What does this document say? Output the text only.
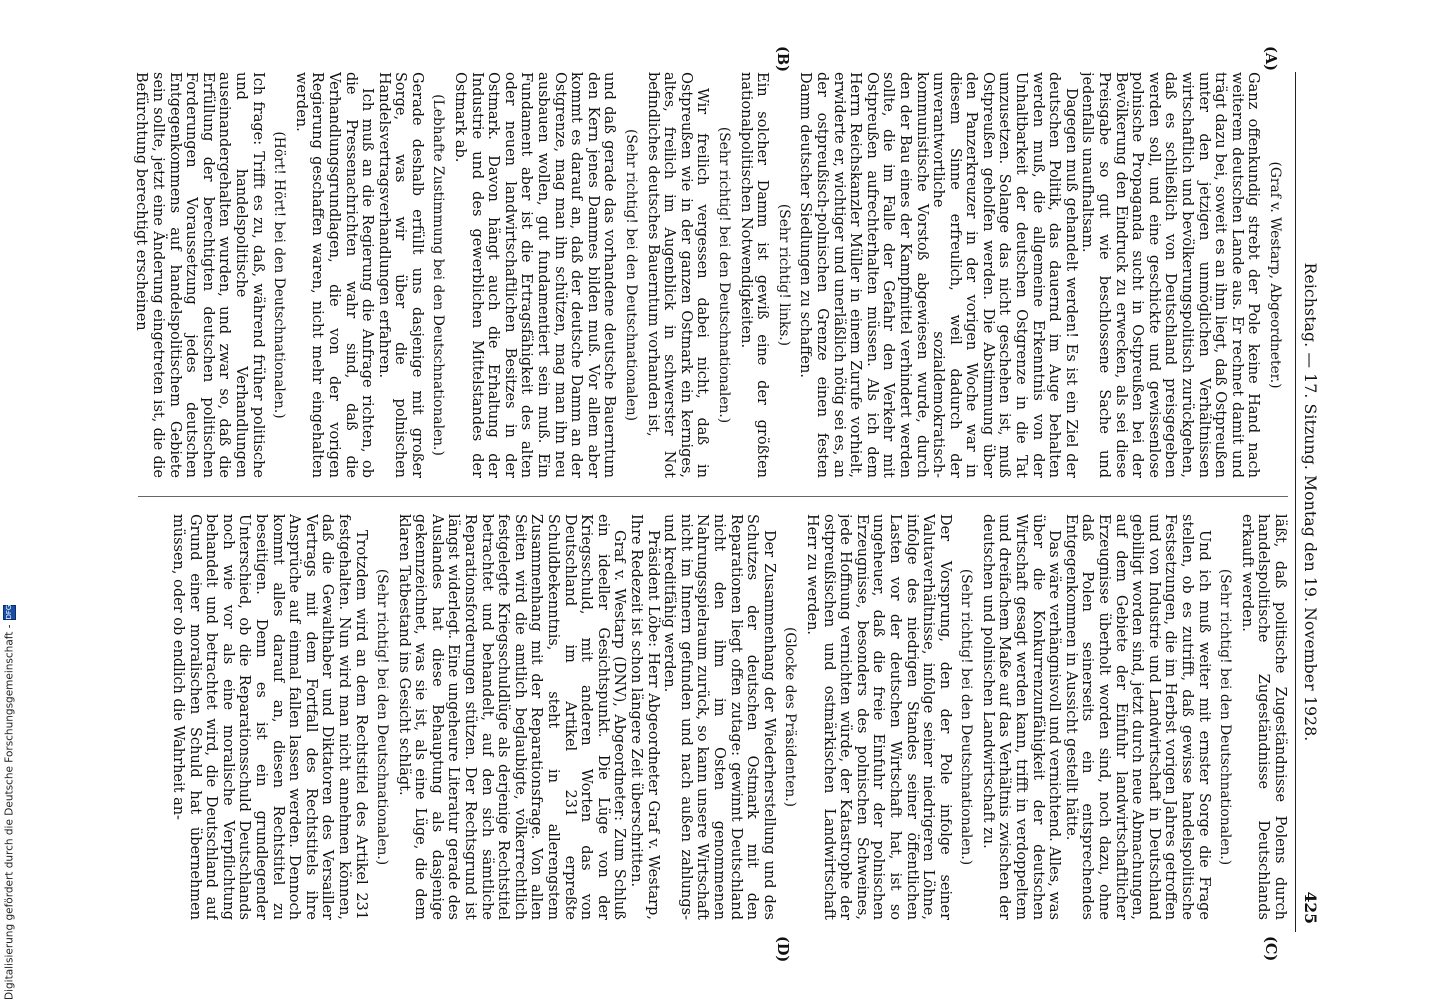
Reichstag. — 17. Sitzung. Montag den 19. November 1928.
425

(Graf v. Westarp, Abgeordneter.)

Ganz offenkundig strebt der Pole keine Hand nach weiterem deutschen Lande aus. Er rechnet damit und trägt dazu bei, soweit es an ihm liegt, daß Ostpreußen unter den jetzigen unmöglichen Verhältnissen wirtschaftlich und bevölkerungspolitisch zurückgehen, daß es schließlich von Deutschland preisgegeben werden soll, und eine geschickte und gewissenlose polnische Propaganda sucht in Ostpreußen bei der Bevölkerung den Eindruck zu erwecken, als sei diese Preisgabe so gut wie beschlossene Sache und jedenfalls unaufhaltsam.

Dagegen muß gehandelt werden! Es ist ein Ziel der deutschen Politik, das dauernd im Auge behalten werden muß, die allgemeine Erkenntnis von der Unhaltbarkeit der deutschen Ostgrenze in die Tat umzusetzen. Solange das nicht geschehen ist, muß Ostpreußen geholfen werden. Die Abstimmung über den Panzerkreuzer in der vorigen Woche war in diesem Sinne erfreulich, weil dadurch der unverantwortliche sozialdemokratisch-kommunistische Vorstoß abgewiesen wurde, durch den der Bau eines der Kampfmittel verhindert werden sollte, die im Falle der Gefahr den Verkehr mit Ostpreußen aufrechterhalten müssen. Als ich dem Herrn Reichskanzler Müller in einem Zurufe vorhielt, erwiderte er, wichtiger und unerläßlich nötig sei es, an der ostpreußisch-polnischen Grenze einen festen Damm deutscher Siedlungen zu schaffen.

(Sehr richtig! links.)

Ein solcher Damm ist gewiß eine der größten nationalpolitischen Notwendigkeiten.

(Sehr richtig! bei den Deutschnationalen.)

Wir freilich vergessen dabei nicht, daß in Ostpreußen wie in der ganzen Ostmark ein kerniges, altes, freilich im Augenblick in schwerster Not befindliches deutsches Bauerntum vorhanden ist,

(Sehr richtig! bei den Deutschnationalen)

und daß gerade das vorhandene deutsche Bauerntum den Kern jenes Dammes bilden muß. Vor allem aber kommt es darauf an, daß der deutsche Damm an der Ostgrenze, mag man ihn schützen, mag man ihn neu ausbauen wollen, gut fundamentiert sein muß. Ein Fundament aber ist die Ertragsfähigkeit des alten oder neuen landwirtschaftlichen Besitzes in der Ostmark. Davon hängt auch die Erhaltung der Industrie und des gewerblichen Mittelstandes der Ostmark ab.

(Lebhafte Zustimmung bei den Deutschnationalen.)

Gerade deshalb erfüllt uns dasjenige mit großer Sorge, was wir über die polnischen Handelsvertragsverhandlungen erfahren.

Ich muß an die Regierung die Anfrage richten, ob die Pressenachrichten wahr sind, daß die Verhandlungsgrundlagen, die von der vorigen Regierung geschaffen waren, nicht mehr eingehalten werden.

(Hört! Hört! bei den Deutschnationalen.)

Ich frage: Trifft es zu, daß, während früher politische und handelspolitische Verhandlungen auseinandergehalten wurden, und zwar so, daß die Erfüllung der berechtigten deutschen politischen Forderungen Voraussetzung jedes deutschen Entgegenkommens auf handelspolitischem Gebiete sein sollte, jetzt eine Änderung eingetreten ist, die die Befürchtung berechtigt erscheinen

läßt, daß politische Zugeständnisse Polens durch handelspolitische Zugeständnisse Deutschlands erkauft werden.

(Sehr richtig! bei den Deutschnationalen.)

Und ich muß weiter mit ernster Sorge die Frage stellen, ob es zutrifft, daß gewisse handelspolitische Festsetzungen, die im Herbst vorigen Jahres getroffen und von Industrie und Landwirtschaft in Deutschland gebilligt worden sind, jetzt durch neue Abmachungen, auf dem Gebiete der Einfuhr landwirtschaftlicher Erzeugnisse überholt worden sind, noch dazu, ohne daß Polen seinerseits ein entsprechendes Entgegenkommen in Aussicht gestellt hätte.

Das wäre verhängnisvoll und vernichtend. Alles, was über die Konkurrenzunfähigkeit der deutschen Wirtschaft gesagt werden kann, trifft in verdoppeltem und dreifachem Maße auf das Verhältnis zwischen der deutschen und polnischen Landwirtschaft zu.

(Sehr richtig! bei den Deutschnationalen.)

Der Vorsprung, den der Pole infolge seiner Valutaverhältnisse, infolge seiner niedrigeren Löhne, infolge des niedrigen Standes seiner öffentlichen Lasten vor der deutschen Wirtschaft hat, ist so ungeheuer, daß die freie Einfuhr der polnischen Erzeugnisse, besonders des polnischen Schweines, jede Hoffnung vernichten würde, der Katastrophe der ostpreußischen und ostmärkischen Landwirtschaft Herr zu werden.

(Glocke des Präsidenten.)

Der Zusammenhang der Wiederherstellung und des Schutzes der deutschen Ostmark mit den Reparationen liegt offen zutage: gewinnt Deutschland nicht den ihm im Osten genommenen Nahrungsspielraum zurück, so kann unsere Wirtschaft nicht im Innern gefunden und nach außen zahlungs- und kreditfähig werden.

Präsident Löbe: Herr Abgeordneter Graf v. Westarp, Ihre Redezeit ist schon längere Zeit überschritten.

Graf v. Westarp (DNV), Abgeordneter: Zum Schluß ein ideeller Gesichtspunkt. Die Lüge von der Kriegsschuld, mit anderen Worten das von Deutschland im Artikel 231 erpreßte Schuldbekenntnis, steht in allerengstem Zusammenhang mit der Reparationsfrage. Von allen Seiten wird die amtlich beglaubigte, völkerrechtlich festgelegte Kriegsschuldlüge als derjenige Rechtstitel betrachtet und behandelt, auf den sich sämtliche Reparationsforderungen stützen. Der Rechtsgrund ist längst widerlegt. Eine ungeheure Literatur gerade des Auslandes hat diese Behauptung als dasjenige gekennzeichnet, was sie ist, als eine Lüge, die dem klaren Tatbestand ins Gesicht schlägt.

(Sehr richtig! bei den Deutschnationalen.)

Trotzdem wird an dem Rechtstitel des Artikel 231 festgehalten. Nun wird man nicht annehmen können, daß die Gewalthaber und Diktatoren des Versailler Vertrags mit dem Fortfall des Rechtstitels ihre Ansprüche auf einmal fallen lassen werden. Dennoch kommt alles darauf an, diesen Rechtstitel zu beseitigen. Denn es ist ein grundlegender Unterschied, ob die Reparationsschuld Deutschlands noch wie vor als eine moralische Verpflichtung behandelt und betrachtet wird, die Deutschland auf Grund einer moralischen Schuld hat übernehmen müssen, oder ob endlich die Wahrheit an-

(A)
(B)
(C)
(D)
Digitalisierung gefördert durch die Deutsche Forschungsgemeinschaft -DFG
